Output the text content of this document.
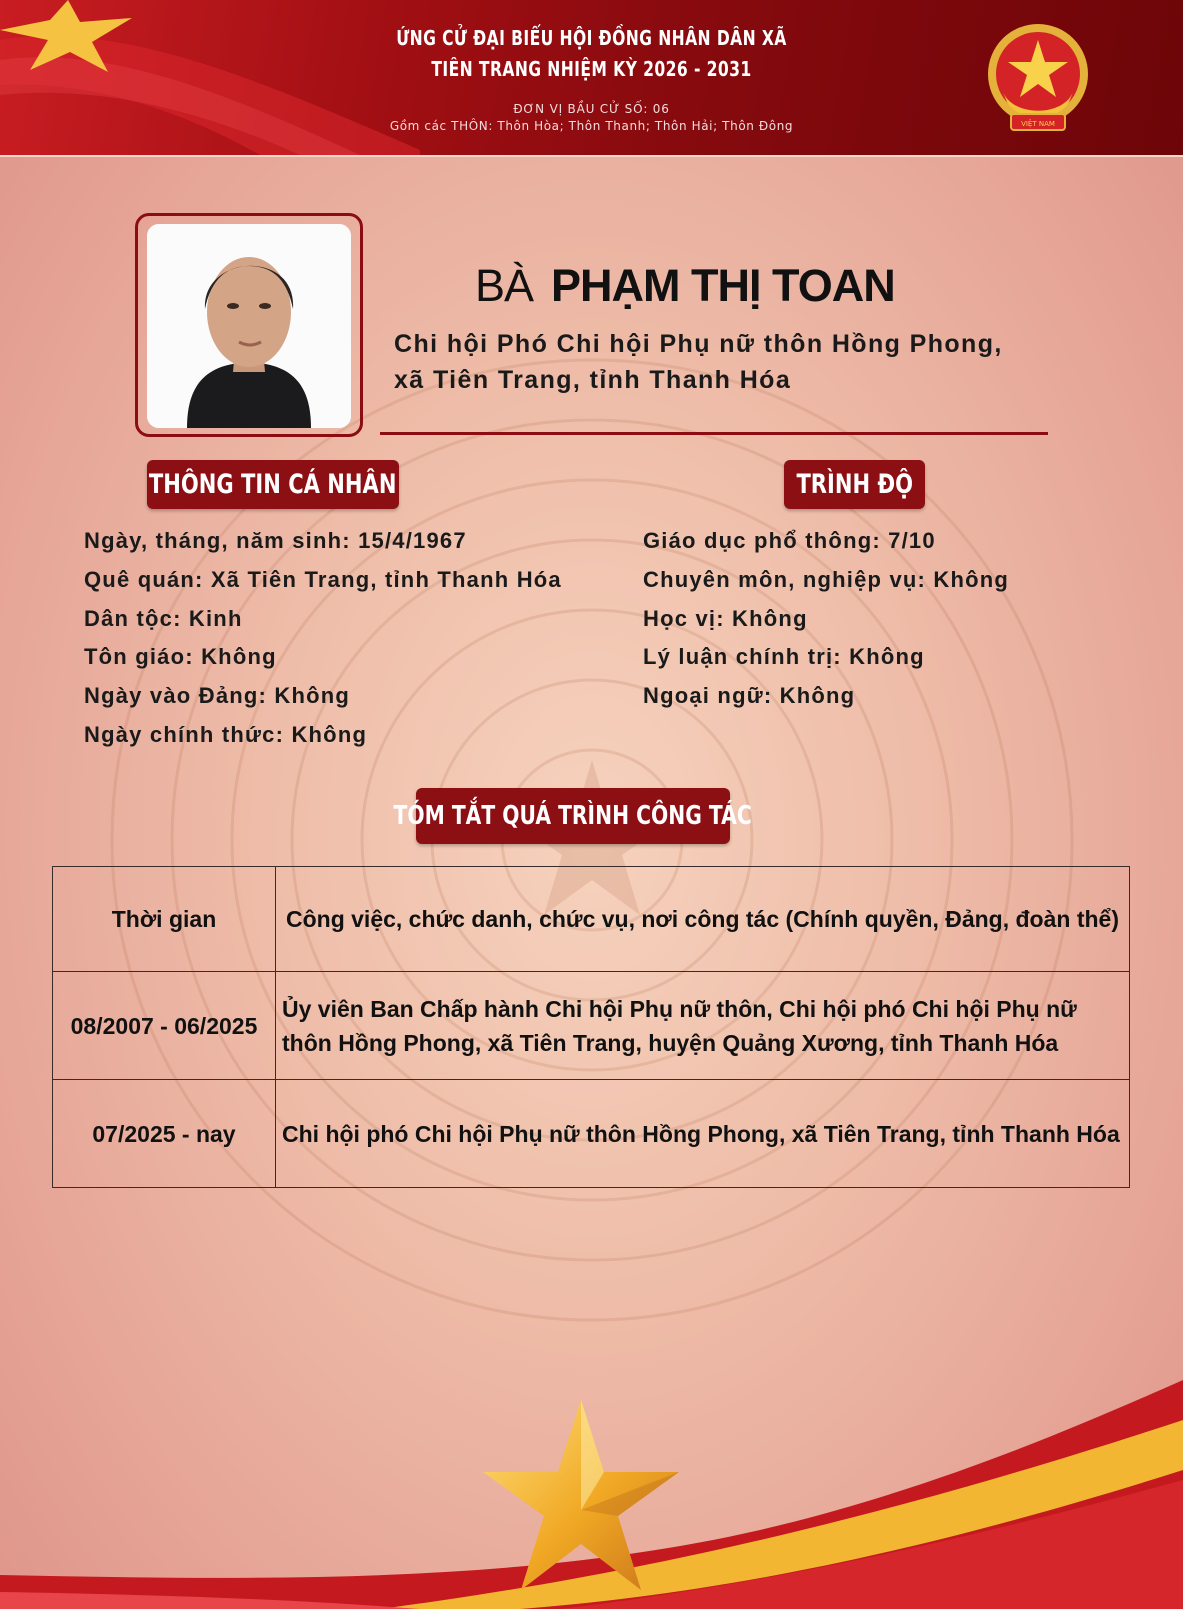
ỨNG CỬ ĐẠI BIỂU HỘI ĐỒNG NHÂN DÂN XÃ
TIÊN TRANG NHIỆM KỲ 2026 - 2031
ĐƠN VỊ BẦU CỬ SỐ: 06
Gồm các THÔN: Thôn Hòa; Thôn Thanh; Thôn Hải; Thôn Đông	VIỆT NAM
BÀ PHẠM THỊ TOAN
Chi hội Phó Chi hội Phụ nữ thôn Hồng Phong,
xã Tiên Trang, tỉnh Thanh Hóa
THÔNG TIN CÁ NHÂN	TRÌNH ĐỘ
Ngày, tháng, năm sinh: 15/4/1967
Quê quán: Xã Tiên Trang, tỉnh Thanh Hóa
Dân tộc: Kinh
Tôn giáo: Không
Ngày vào Đảng: Không
Ngày chính thức: Không
Giáo dục phổ thông: 7/10
Chuyên môn, nghiệp vụ: Không
Học vị: Không
Lý luận chính trị: Không
Ngoại ngữ: Không
TÓM TẮT QUÁ TRÌNH CÔNG TÁC
Thời gian	Công việc, chức danh, chức vụ, nơi công tác (Chính quyền, Đảng, đoàn thể)
08/2007 - 06/2025	Ủy viên Ban Chấp hành Chi hội Phụ nữ thôn, Chi hội phó Chi hội Phụ nữ thôn Hồng Phong, xã Tiên Trang, huyện Quảng Xương, tỉnh Thanh Hóa
07/2025 - nay	Chi hội phó Chi hội Phụ nữ thôn Hồng Phong, xã Tiên Trang, tỉnh Thanh Hóa
